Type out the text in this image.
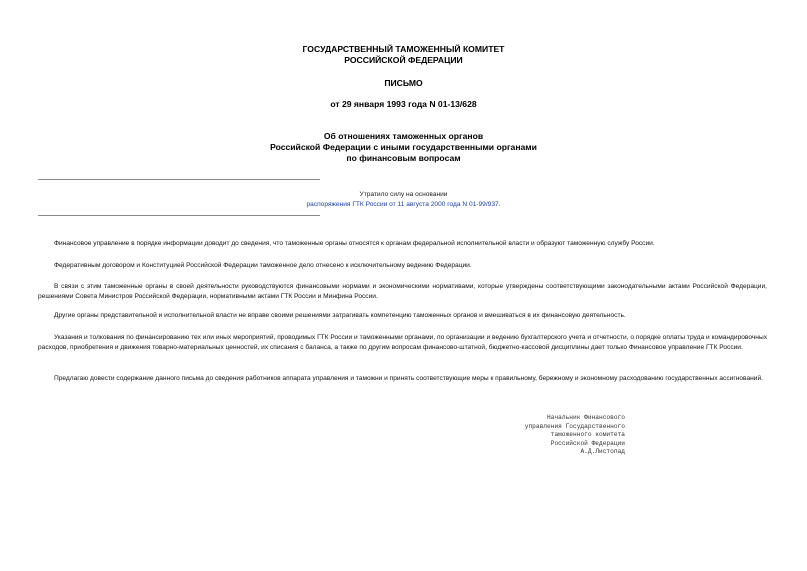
ГОСУДАРСТВЕННЫЙ ТАМОЖЕННЫЙ КОМИТЕТ
РОССИЙСКОЙ ФЕДЕРАЦИИ
ПИСЬМО
от 29 января 1993 года N 01-13/628
Об отношениях таможенных органов
Российской Федерации с иными государственными органами
по финансовым вопросам
Утратило силу на основании
распоряжения ГТК России от 11 августа 2000 года N 01-99/937.
Финансовое управление в порядке информации доводит до сведения, что таможенные органы относятся к органам федеральной исполнительной власти и образуют таможенную службу России.
Федеративным договором и Конституцией Российской Федерации таможенное дело отнесено к исключительному ведению Федерации.
В связи с этим таможенные органы в своей деятельности руководствуются финансовыми нормами и экономическими нормативами, которые утверждены соответствующими законодательными актами Российской Федерации, решениями Совета Министров Российской Федерации, нормативными актами ГТК России и Минфина России.
Другие органы представительной и исполнительной власти не вправе своими решениями затрагивать компетенцию таможенных органов и вмешиваться в их финансовую деятельность.
Указания и толкования по финансированию тех или иных мероприятий, проводимых ГТК России и таможенными органами, по организации и ведению бухгалтерского учета и отчетности, о порядке оплаты труда и командировочных расходов, приобретения и движения товарно-материальных ценностей, их списания с баланса, а также по другим вопросам финансово-штатной, бюджетно-кассовой дисциплины дает только Финансовое управление ГТК России.
Предлагаю довести содержание данного письма до сведения работников аппарата управления и таможни и принять соответствующие меры к правильному, бережному и экономному расходованию государственных ассигнований.
Начальник Финансового
управления Государственного
таможенного комитета
Российской Федерации
А.Д.Листопад
